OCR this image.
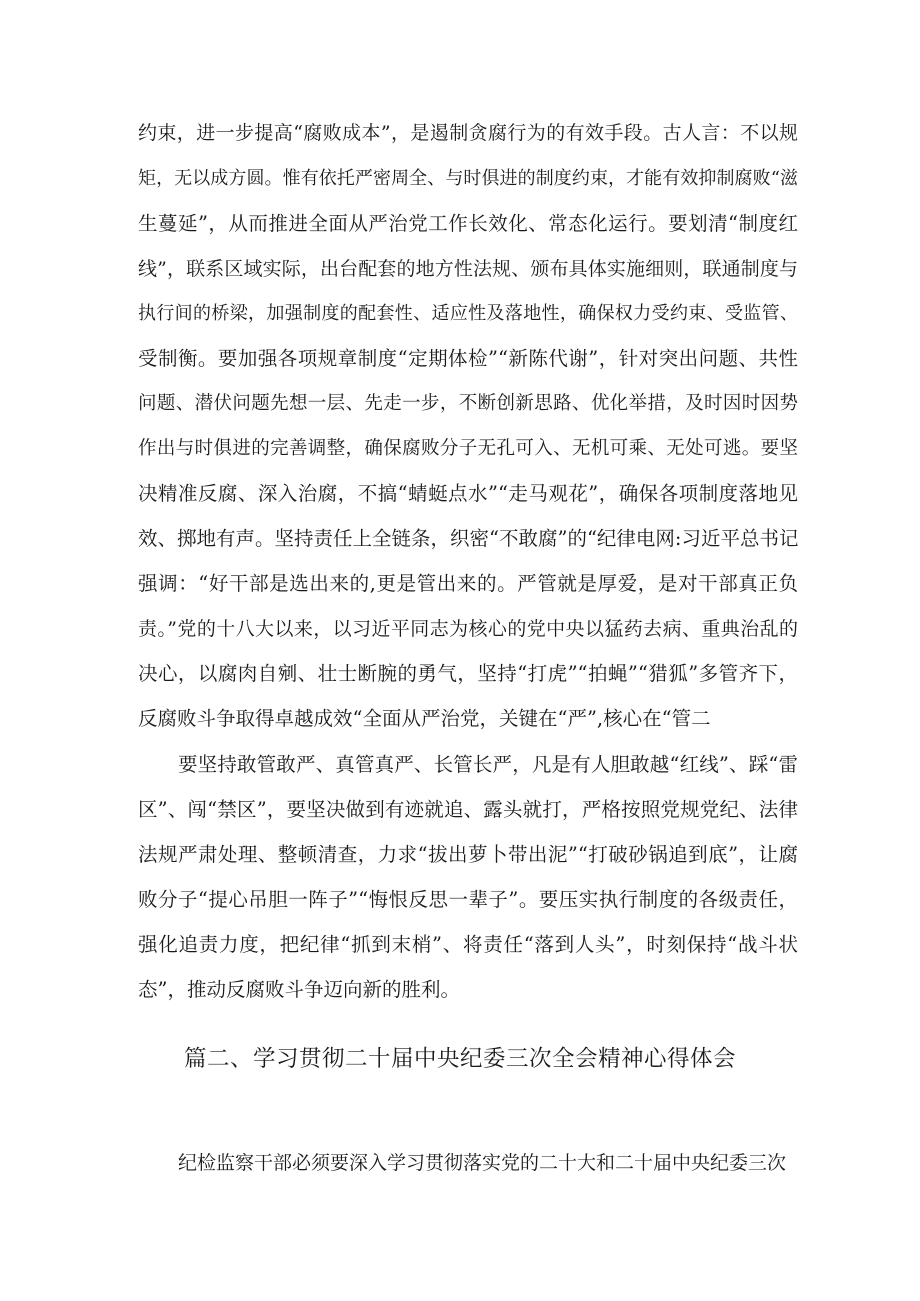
约束，进一步提高“腐败成本”，是遏制贪腐行为的有效手段。古人言：不以规
矩，无以成方圆。惟有依托严密周全、与时俱进的制度约束，才能有效抑制腐败“滋
生蔓延”，从而推进全面从严治党工作长效化、常态化运行。要划清“制度红
线”，联系区域实际，出台配套的地方性法规、颁布具体实施细则，联通制度与
执行间的桥梁，加强制度的配套性、适应性及落地性，确保权力受约束、受监管、
受制衡。要加强各项规章制度“定期体检”“新陈代谢”，针对突出问题、共性
问题、潜伏问题先想一层、先走一步，不断创新思路、优化举措，及时因时因势
作出与时俱进的完善调整，确保腐败分子无孔可入、无机可乘、无处可逃。要坚
决精准反腐、深入治腐，不搞“蜻蜓点水”“走马观花”，确保各项制度落地见
效、掷地有声。坚持责任上全链条，织密“不敢腐”的“纪律电网:习近平总书记
强调：“好干部是选出来的,更是管出来的。严管就是厚爱，是对干部真正负
责。”党的十八大以来，以习近平同志为核心的党中央以猛药去病、重典治乱的
决心，以腐肉自剜、壮士断腕的勇气，坚持“打虎”“拍蝇”“猎狐”多管齐下，
反腐败斗争取得卓越成效“全面从严治党，关键在“严”,核心在“管二
要坚持敢管敢严、真管真严、长管长严，凡是有人胆敢越“红线”、踩“雷
区”、闯“禁区”，要坚决做到有迹就追、露头就打，严格按照党规党纪、法律
法规严肃处理、整顿清查，力求“拔出萝卜带出泥”“打破砂锅追到底”，让腐
败分子“提心吊胆一阵子”“悔恨反思一辈子”。要压实执行制度的各级责任，
强化追责力度，把纪律“抓到末梢”、将责任“落到人头”，时刻保持“战斗状
态”，推动反腐败斗争迈向新的胜利。
篇二、学习贯彻二十届中央纪委三次全会精神心得体会
纪检监察干部必须要深入学习贯彻落实党的二十大和二十届中央纪委三次
